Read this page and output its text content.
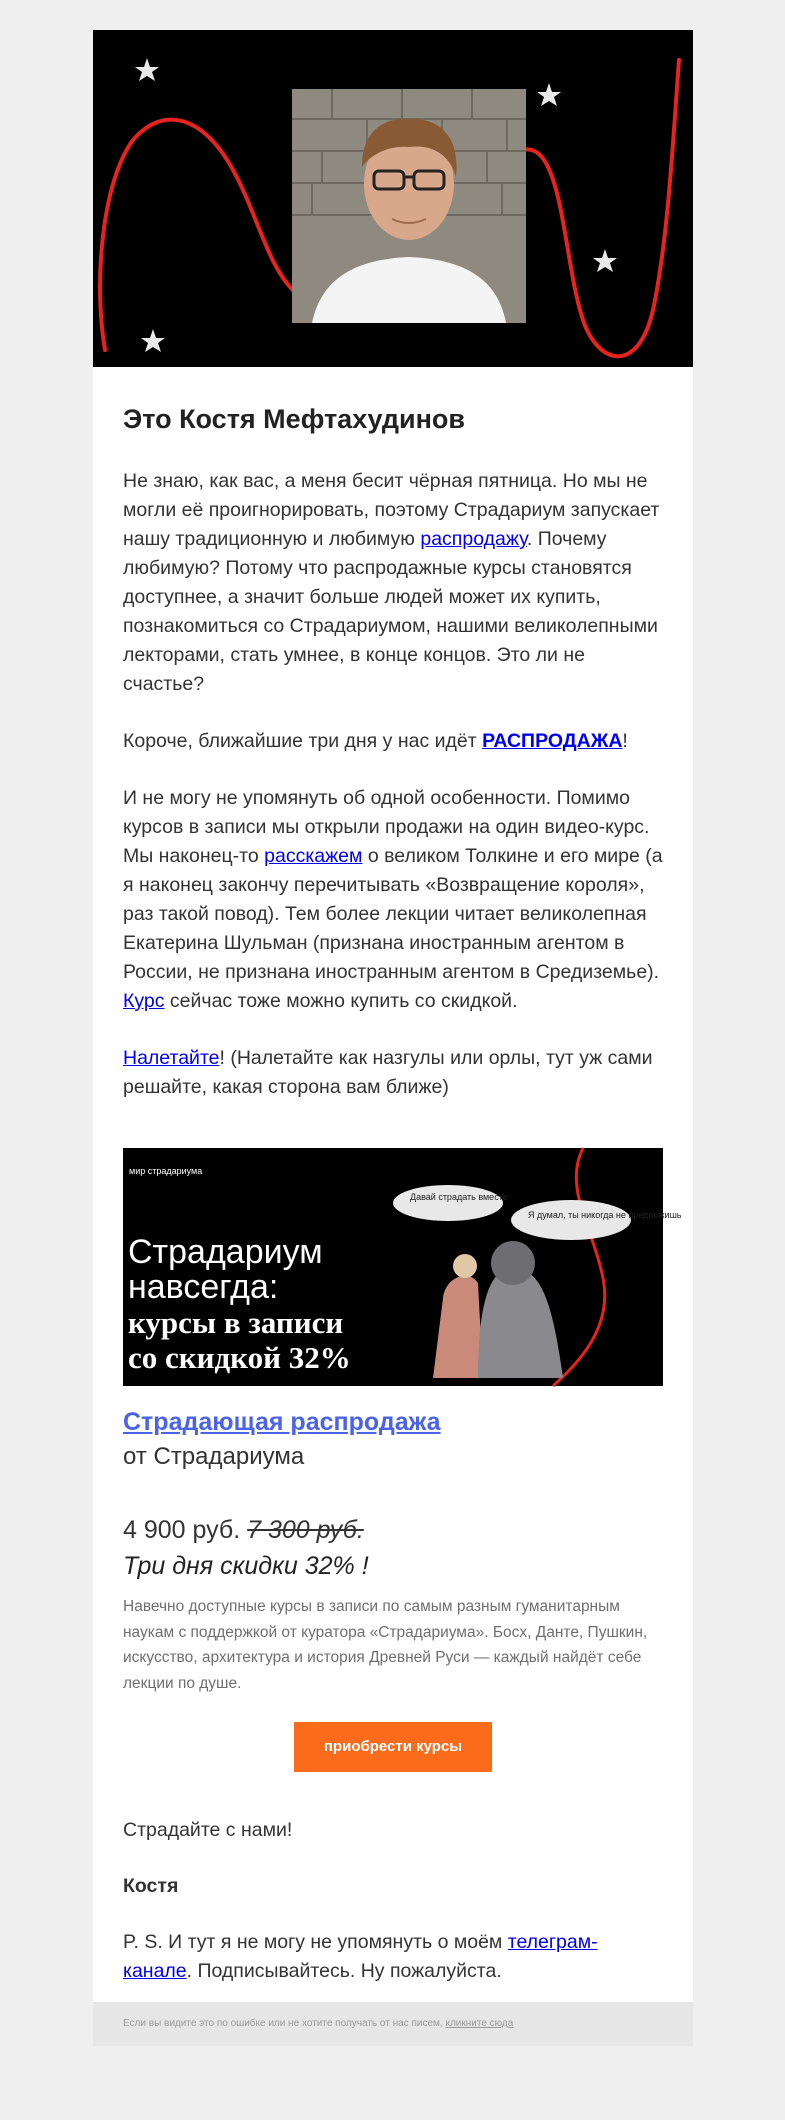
Это Костя Мефтахудинов

Не знаю, как вас, а меня бесит чёрная пятница. Но мы не могли её проигнорировать, поэтому Страдариум запускает нашу традиционную и любимую распродажу. Почему любимую? Потому что распродажные курсы становятся доступнее, а значит больше людей может их купить, познакомиться со Страдариумом, нашими великолепными лекторами, стать умнее, в конце концов. Это ли не счастье?

Короче, ближайшие три дня у нас идёт РАСПРОДАЖА!

И не могу не упомянуть об одной особенности. Помимо курсов в записи мы открыли продажи на один видео-курс. Мы наконец-то расскажем о великом Толкине и его мире (а я наконец закончу перечитывать «Возвращение короля», раз такой повод). Тем более лекции читает великолепная Екатерина Шульман (признана иностранным агентом в России, не признана иностранным агентом в Средиземье). Курс сейчас тоже можно купить со скидкой.

Налетайте! (Налетайте как назгулы или орлы, тут уж сами решайте, какая сторона вам ближе)

мир страдариума
Страдариум
навсегда:
курсы в записи
со скидкой 32%
Давай страдать вместе
Я думал, ты никогда не предложишь
Страдающая распродажа
от Страдариума
4 900 руб. 7 300 руб.
Три дня скидки 32% !
Навечно доступные курсы в записи по самым разным гуманитарным наукам с поддержкой от куратора «Страдариума». Босх, Данте, Пушкин, искусство, архитектура и история Древней Руси — каждый найдёт себе лекции по душе.
приобрести курсы
Страдайте с нами!
Костя
P. S. И тут я не могу не упомянуть о моём телеграм-канале. Подписывайтесь. Ну пожалуйста.
Если вы видите это по ошибке или не хотите получать от нас писем, кликните сюда
